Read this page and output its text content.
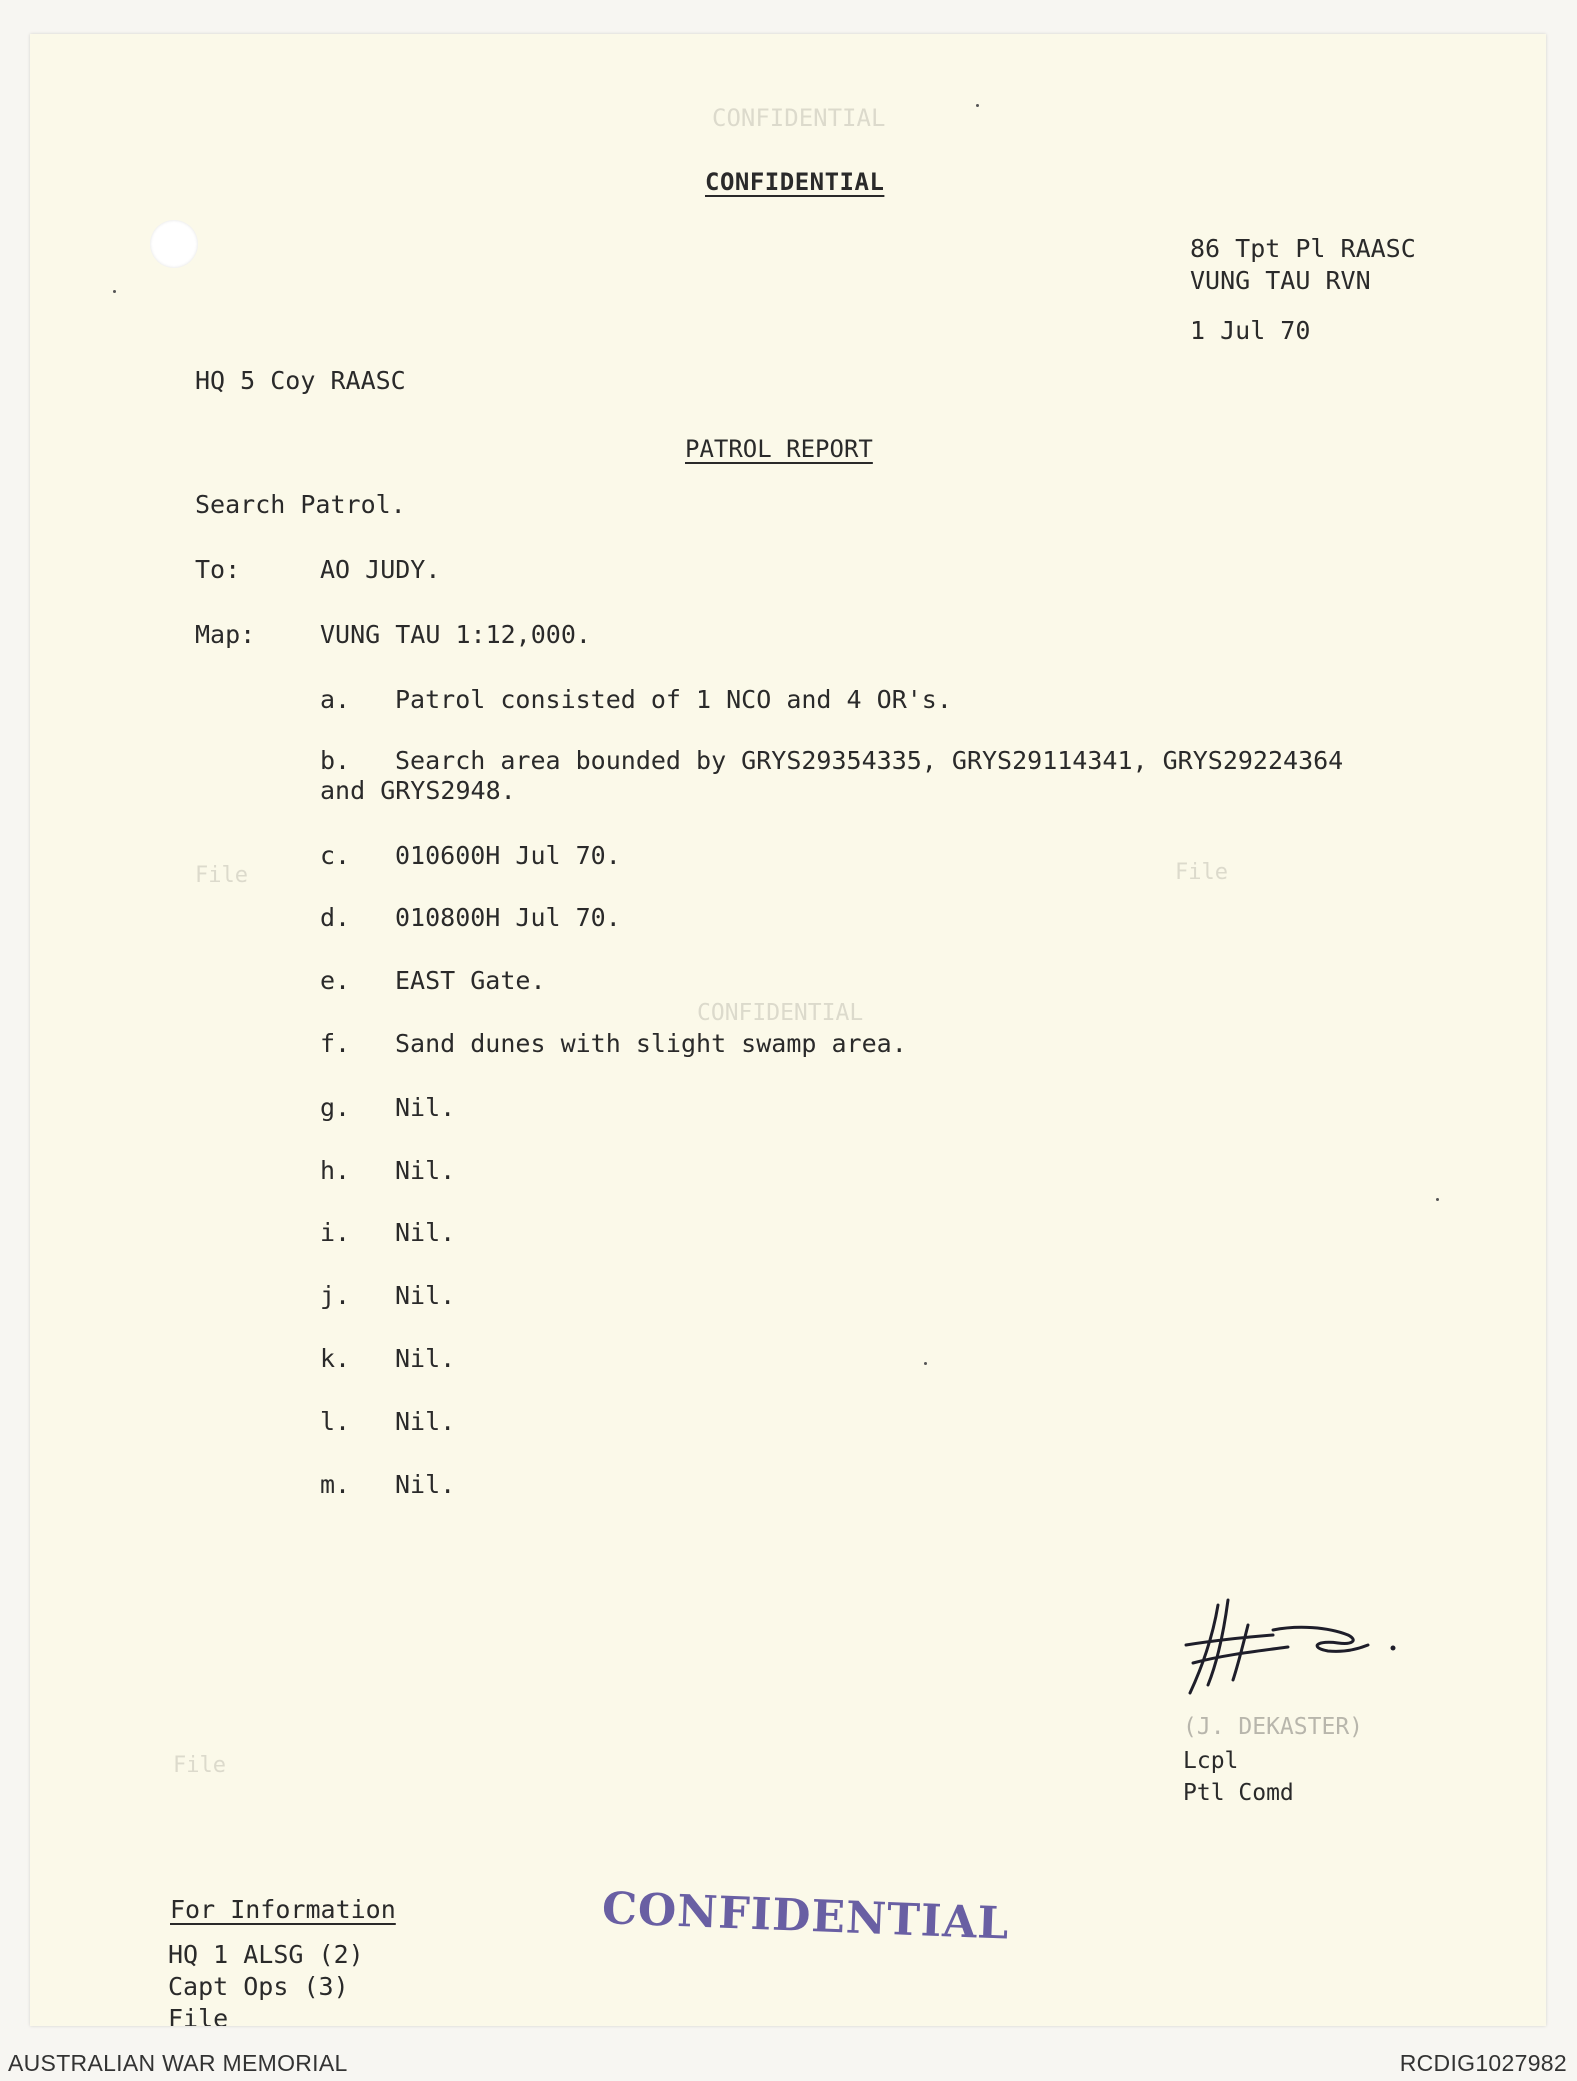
CONFIDENTIAL
CONFIDENTIAL
File	File
File
CONFIDENTIAL
86 Tpt Pl RAASC
VUNG TAU RVN
1 Jul 70
HQ 5 Coy RAASC
PATROL REPORT
Search Patrol.
To:	AO JUDY.
Map:	VUNG TAU 1:12,000.
a. Patrol consisted of 1 NCO and 4 OR's.
b. Search area bounded by GRYS29354335, GRYS29114341, GRYS29224364
and GRYS2948.
c. 010600H Jul 70.
d. 010800H Jul 70.
e. EAST Gate.
f. Sand dunes with slight swamp area.
g. Nil.
h. Nil.
i. Nil.
j. Nil.
k. Nil.
l. Nil.
m. Nil.
(J. DEKASTER)
Lcpl
Ptl Comd
CONFIDENTIAL
For Information
HQ 1 ALSG (2)
Capt Ops (3)
File
AUSTRALIAN WAR MEMORIAL	RCDIG1027982
